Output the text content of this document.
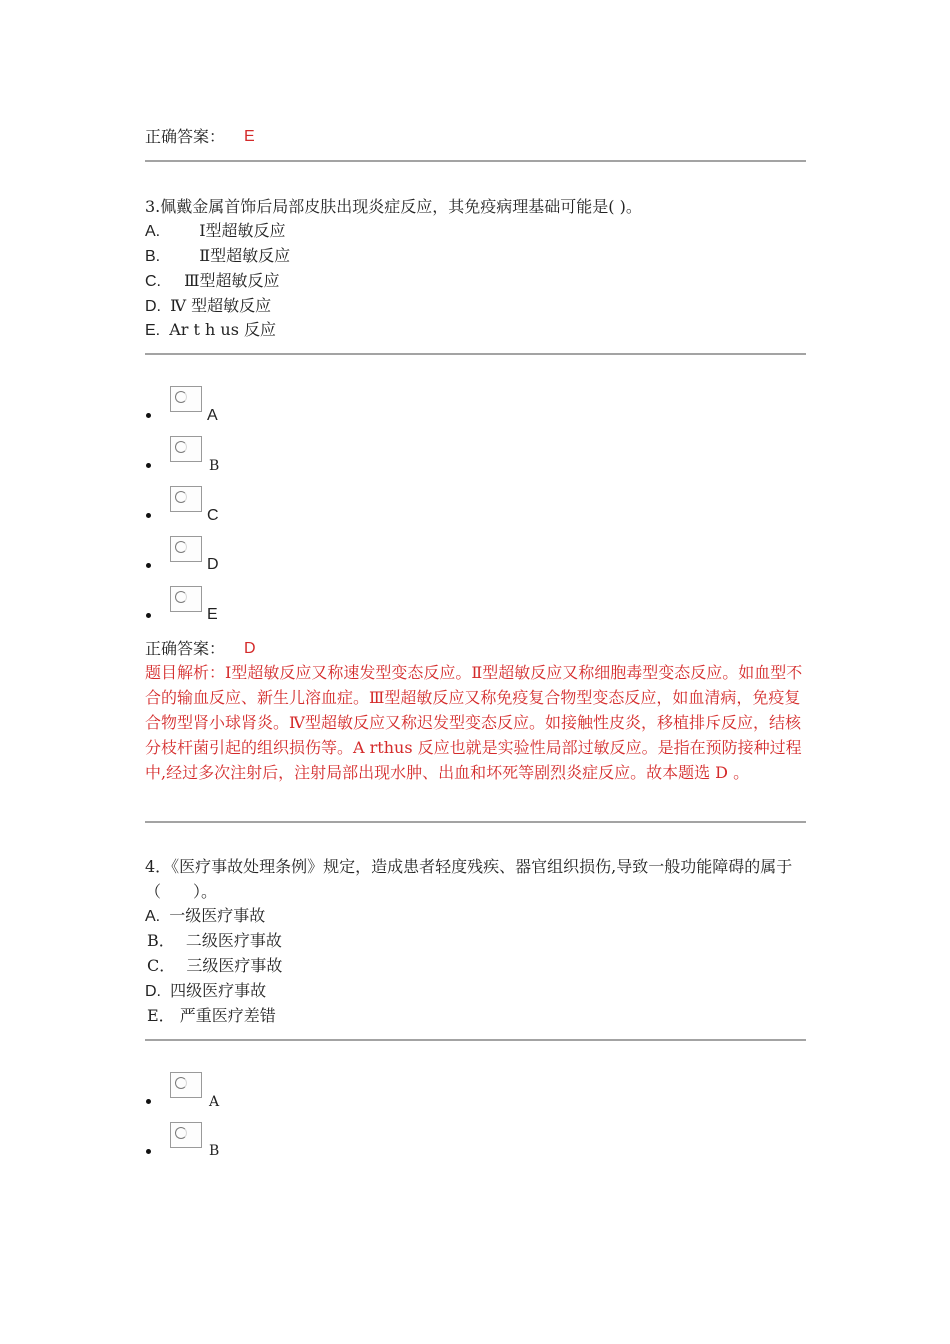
正确答案： E
3.佩戴金属首饰后局部皮肤出现炎症反应，其免疫病理基础可能是( )。
A. Ⅰ型超敏反应
B. Ⅱ型超敏反应
C. Ⅲ型超敏反应
D. Ⅳ 型超敏反应
E. Ar t h us 反应
A
B
C
D
E
正确答案： D
题目解析：Ⅰ型超敏反应又称速发型变态反应。Ⅱ型超敏反应又称细胞毒型变态反应。如血型不合的输血反应、新生儿溶血症。Ⅲ型超敏反应又称免疫复合物型变态反应，如血清病，免疫复合物型肾小球肾炎。Ⅳ型超敏反应又称迟发型变态反应。如接触性皮炎，移植排斥反应，结核分枝杆菌引起的组织损伤等。A rthus 反应也就是实验性局部过敏反应。是指在预防接种过程中,经过多次注射后，注射局部出现水肿、出血和坏死等剧烈炎症反应。故本题选 D 。
4．《医疗事故处理条例》规定，造成患者轻度残疾、器官组织损伤,导致一般功能障碍的属于（　　）。
A. 一级医疗事故
B． 二级医疗事故
C． 三级医疗事故
D. 四级医疗事故
E． 严重医疗差错
A
B
